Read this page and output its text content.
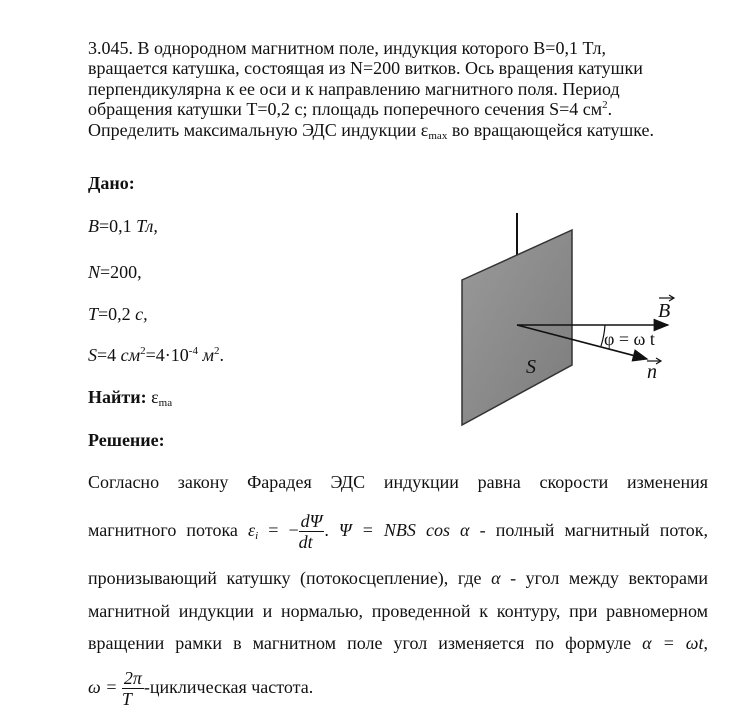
3.045. В однородном магнитном поле, индукция которого B=0,1 Тл,
вращается катушка, состоящая из N=200 витков. Ось вращения катушки
перпендикулярна к ее оси и к направлению магнитного поля. Период
обращения катушки T=0,2 с; площадь поперечного сечения S=4 $см^2$.
Определить максимальную ЭДС индукции $\varepsilon_{max}$ во вращающейся катушке.
Дано:
B=0,1 Тл,
N=200,
T=0,2 с,
S=4 $см^2=4\cdot 10^{-4}$ $м^2$.
Найти: $\varepsilon_{ma}$
Решение:
Согласно закону Фарадея ЭДС индукции равна скорости изменения
магнитного потока $\varepsilon_i$ = − $\frac{d\Psi}{dt}$ . Ψ = NBS cos α - полный магнитный поток,
пронизывающий катушку (потокосцепление), где α - угол между векторами
магнитной индукции и нормалью, проведенной к контуру, при равномерном
вращении рамки в магнитном поле угол изменяется по формуле α = ωt,
$\omega = \frac{2\pi}{T}$ -циклическая частота.
S
B
n
φ = ω t
